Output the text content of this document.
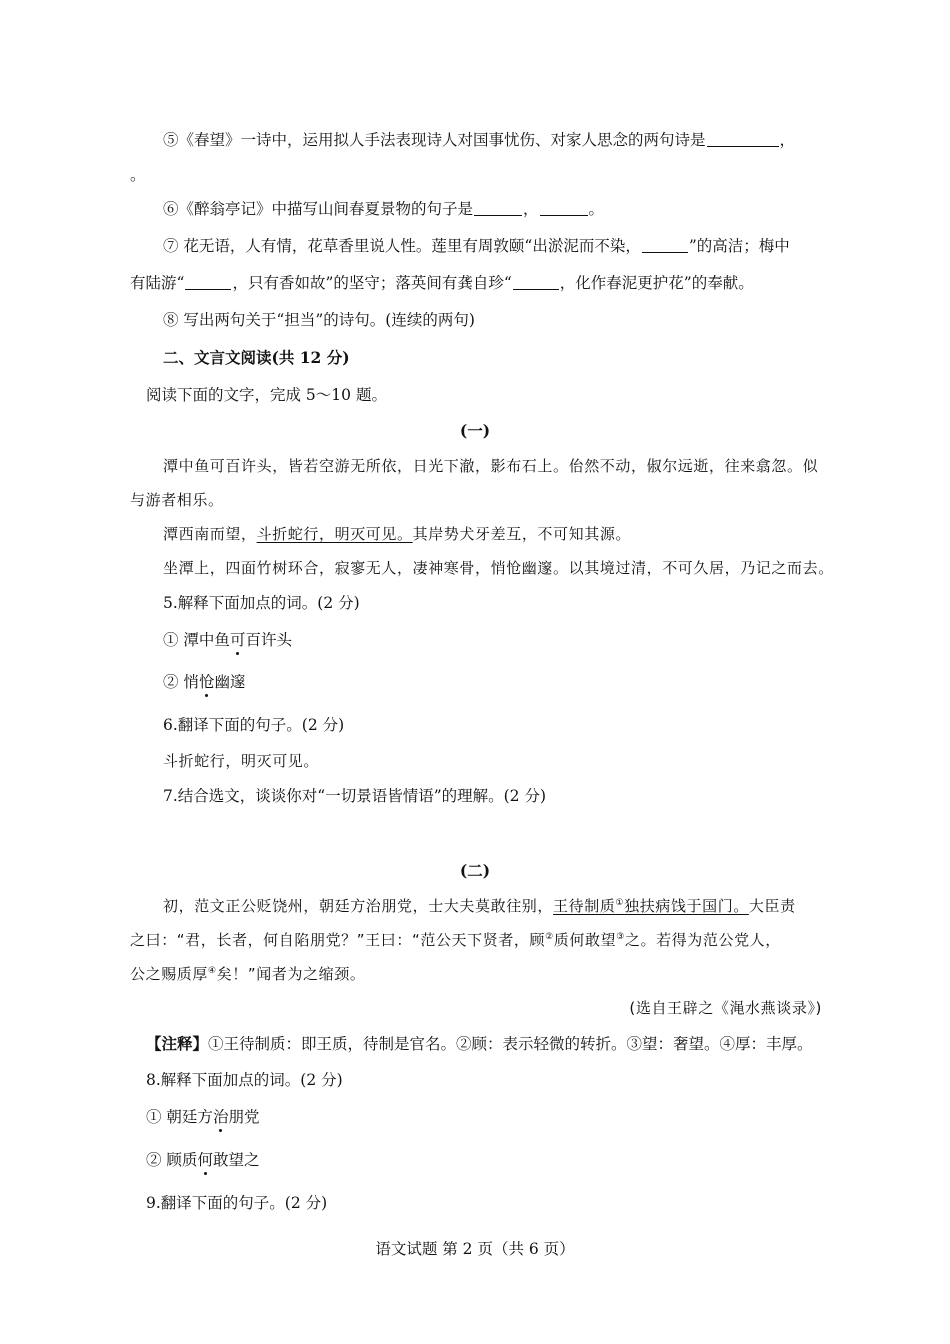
⑤《春望》一诗中，运用拟人手法表现诗人对国事忧伤、对家人思念的两句诗是	，
。
⑥《醉翁亭记》中描写山间春夏景物的句子是	，	。
⑦ 花无语，人有情，花草香里说人性。莲里有周敦颐“出淤泥而不染，	”的高洁；梅中
有陆游“	，只有香如故”的坚守；落英间有龚自珍“	，化作春泥更护花”的奉献。
⑧ 写出两句关于“担当”的诗句。(连续的两句)
二、文言文阅读(共 12 分)
阅读下面的文字，完成 5～10 题。
(一)
潭中鱼可百许头，皆若空游无所依，日光下澈，影布石上。佁然不动，俶尔远逝，往来翕忽。似
与游者相乐。
潭西南而望，斗折蛇行，明灭可见。其岸势犬牙差互，不可知其源。
坐潭上，四面竹树环合，寂寥无人，凄神寒骨，悄怆幽邃。以其境过清，不可久居，乃记之而去。
5.解释下面加点的词。(2 分)
① 潭中鱼可百许头
② 悄怆幽邃
6.翻译下面的句子。(2 分)
斗折蛇行，明灭可见。
7.结合选文，谈谈你对“一切景语皆情语”的理解。(2 分)
(二)
初，范文正公贬饶州，朝廷方治朋党，士大夫莫敢往别，王待制质①独扶病饯于国门。大臣责
之曰：“君，长者，何自陷朋党？”王曰：“范公天下贤者，顾②质何敢望③之。若得为范公党人，
公之赐质厚④矣！”闻者为之缩颈。
(选自王辟之《渑水燕谈录》)
【注释】①王待制质：即王质，待制是官名。②顾：表示轻微的转折。③望：奢望。④厚：丰厚。
8.解释下面加点的词。(2 分)
① 朝廷方治朋党
② 顾质何敢望之
9.翻译下面的句子。(2 分)
语文试题 第 2 页（共 6 页）
